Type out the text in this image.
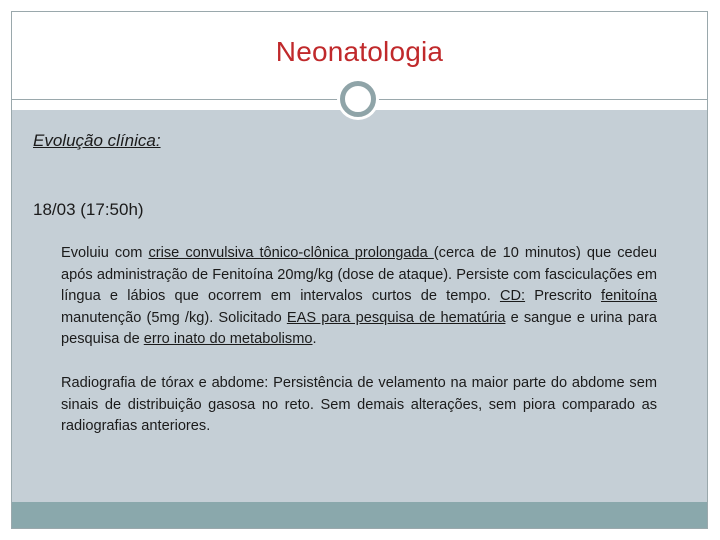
Neonatologia
Evolução clínica:
18/03 (17:50h)
Evoluiu com crise convulsiva tônico-clônica prolongada (cerca de 10 minutos) que cedeu após administração de Fenitoína 20mg/kg (dose de ataque). Persiste com fasciculações em língua e lábios que ocorrem em intervalos curtos de tempo. CD: Prescrito fenitoína manutenção (5mg /kg). Solicitado EAS para pesquisa de hematúria e sangue e urina para pesquisa de erro inato do metabolismo.
Radiografia de tórax e abdome: Persistência de velamento na maior parte do abdome sem sinais de distribuição gasosa no reto. Sem demais alterações, sem piora comparado as radiografias anteriores.
